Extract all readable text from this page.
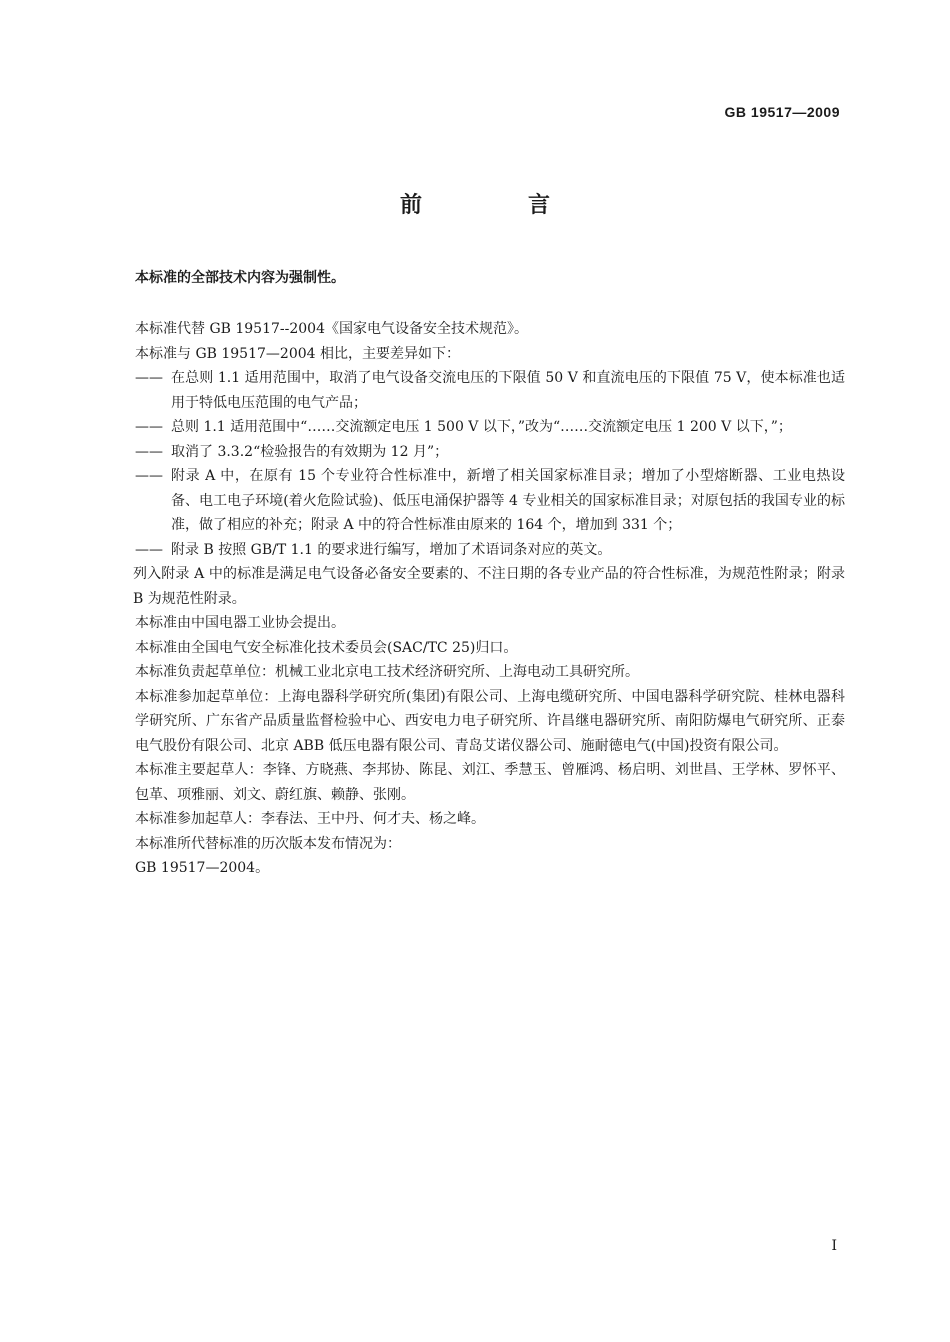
GB 19517—2009
前　言
本标准的全部技术内容为强制性。

本标准代替 GB 19517--2004《国家电气设备安全技术规范》。

本标准与 GB 19517—2004 相比，主要差异如下：

—— 在总则 1.1 适用范围中，取消了电气设备交流电压的下限值 50 V 和直流电压的下限值 75 V，使本标准也适用于特低电压范围的电气产品；
—— 总则 1.1 适用范围中“……交流额定电压 1 500 V 以下，”改为“……交流额定电压 1 200 V 以下，”；
—— 取消了 3.3.2“检验报告的有效期为 12 月”；
—— 附录 A 中，在原有 15 个专业符合性标准中，新增了相关国家标准目录；增加了小型熔断器、工业电热设备、电工电子环境(着火危险试验)、低压电涌保护器等 4 专业相关的国家标准目录；对原包括的我国专业的标准，做了相应的补充；附录 A 中的符合性标准由原来的 164 个，增加到 331 个；
—— 附录 B 按照 GB/T 1.1 的要求进行编写，增加了术语词条对应的英文。

列入附录 A 中的标准是满足电气设备必备安全要素的、不注日期的各专业产品的符合性标准，为规范性附录；附录 B 为规范性附录。

本标准由中国电器工业协会提出。

本标准由全国电气安全标准化技术委员会(SAC/TC 25)归口。

本标准负责起草单位：机械工业北京电工技术经济研究所、上海电动工具研究所。

本标准参加起草单位：上海电器科学研究所(集团)有限公司、上海电缆研究所、中国电器科学研究院、桂林电器科学研究所、广东省产品质量监督检验中心、西安电力电子研究所、许昌继电器研究所、南阳防爆电气研究所、正泰电气股份有限公司、北京 ABB 低压电器有限公司、青岛艾诺仪器公司、施耐德电气(中国)投资有限公司。

本标准主要起草人：李锋、方晓燕、李邦协、陈昆、刘江、季慧玉、曾雁鸿、杨启明、刘世昌、王学林、罗怀平、包革、项雅丽、刘文、蔚红旗、赖静、张刚。

本标准参加起草人：李春法、王中丹、何才夫、杨之峰。

本标准所代替标准的历次版本发布情况为：

GB 19517—2004。

Ⅰ
